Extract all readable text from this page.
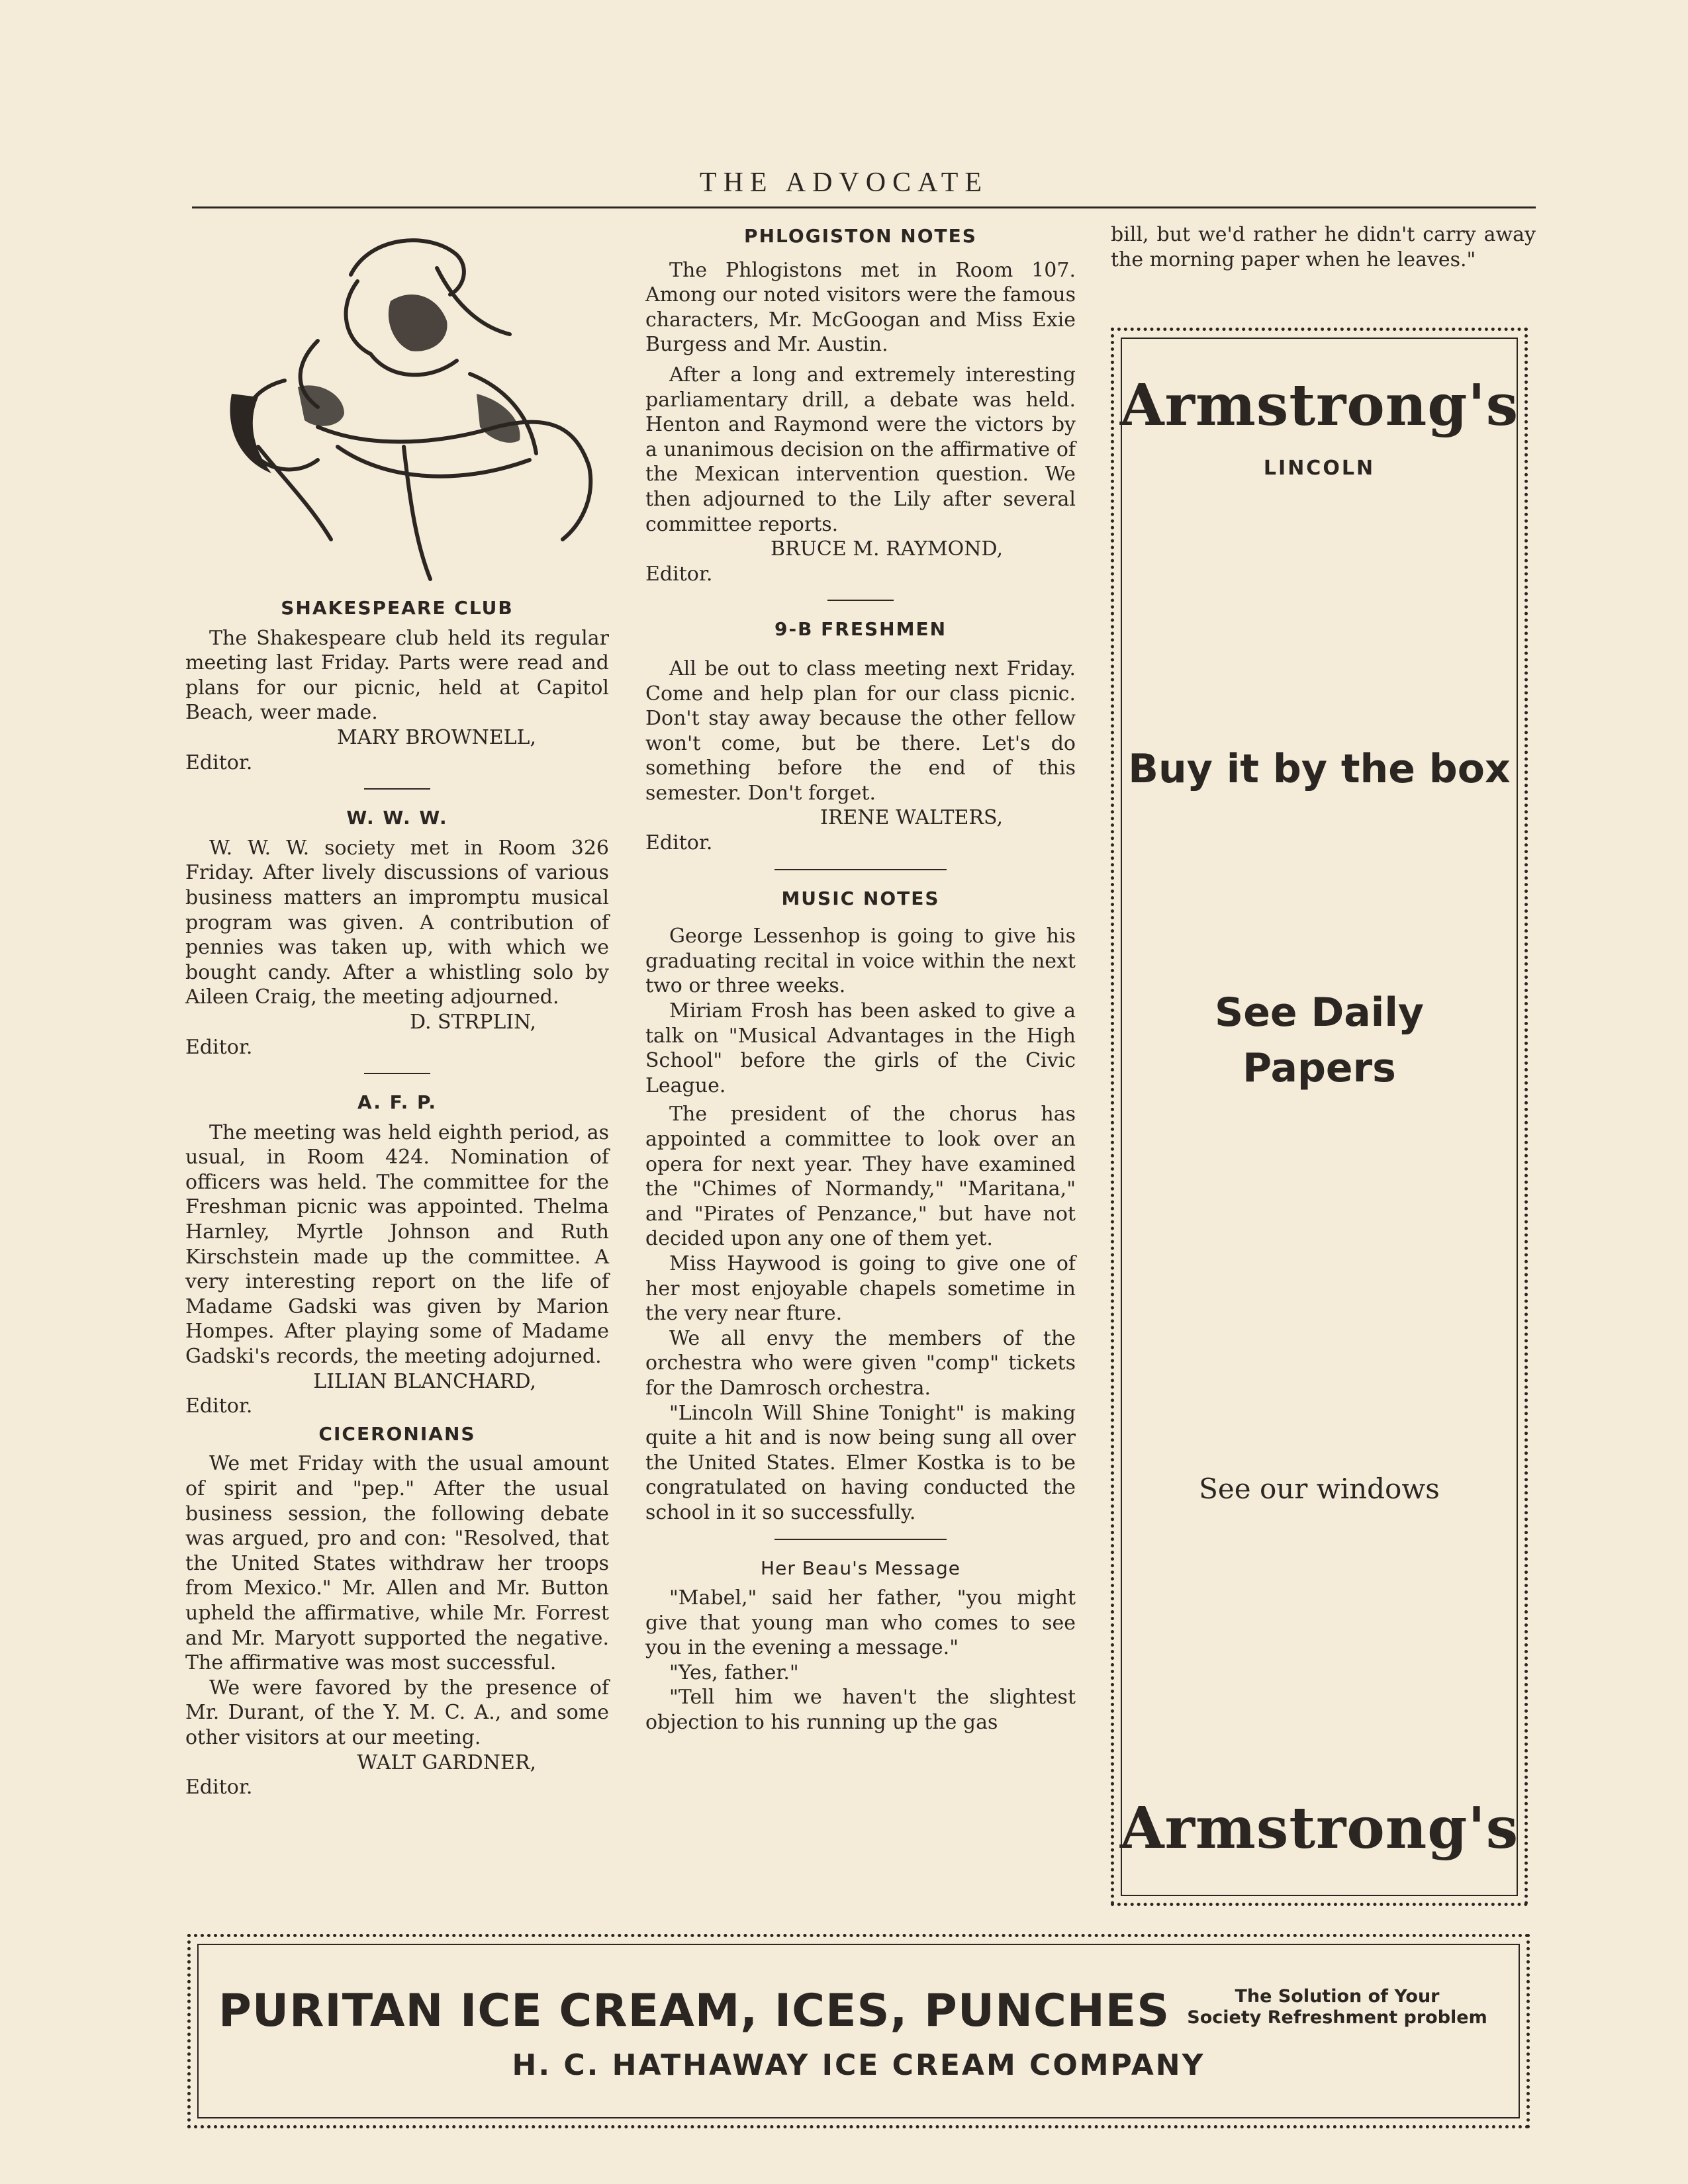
THE ADVOCATE
SHAKESPEARE CLUB

The Shakespeare club held its regular meeting last Friday. Parts were read and plans for our picnic, held at Capitol Beach, weer made.

MARY BROWNELL,

Editor.

W. W. W.

W. W. W. society met in Room 326 Friday. After lively discussions of various business matters an impromptu musical program was given. A contribution of pennies was taken up, with which we bought candy. After a whistling solo by Aileen Craig, the meeting adjourned.

D. STRPLIN,

Editor.

A. F. P.

The meeting was held eighth period, as usual, in Room 424. Nomination of officers was held. The committee for the Freshman picnic was appointed. Thelma Harnley, Myrtle Johnson and Ruth Kirschstein made up the committee. A very interesting report on the life of Madame Gadski was given by Marion Hompes. After playing some of Madame Gadski's records, the meeting adojurned.

LILIAN BLANCHARD,

Editor.

CICERONIANS

We met Friday with the usual amount of spirit and "pep." After the usual business session, the following debate was argued, pro and con: "Resolved, that the United States withdraw her troops from Mexico." Mr. Allen and Mr. Button upheld the affirmative, while Mr. Forrest and Mr. Maryott supported the negative. The affirmative was most successful.

We were favored by the presence of Mr. Durant, of the Y. M. C. A., and some other visitors at our meeting.

WALT GARDNER,

Editor.

PHLOGISTON NOTES

The Phlogistons met in Room 107. Among our noted visitors were the famous characters, Mr. McGoogan and Miss Exie Burgess and Mr. Austin.

After a long and extremely interesting parliamentary drill, a debate was held. Henton and Raymond were the victors by a unanimous decision on the affirmative of the Mexican intervention question. We then adjourned to the Lily after several committee reports.

BRUCE M. RAYMOND,

Editor.

9-B FRESHMEN

All be out to class meeting next Friday. Come and help plan for our class picnic. Don't stay away because the other fellow won't come, but be there. Let's do something before the end of this semester. Don't forget.

IRENE WALTERS,

Editor.

MUSIC NOTES

George Lessenhop is going to give his graduating recital in voice within the next two or three weeks.

Miriam Frosh has been asked to give a talk on "Musical Advantages in the High School" before the girls of the Civic League.

The president of the chorus has appointed a committee to look over an opera for next year. They have examined the "Chimes of Normandy," "Maritana," and "Pirates of Penzance," but have not decided upon any one of them yet.

Miss Haywood is going to give one of her most enjoyable chapels sometime in the very near fture.

We all envy the members of the orchestra who were given "comp" tickets for the Damrosch orchestra.

"Lincoln Will Shine Tonight" is making quite a hit and is now being sung all over the United States. Elmer Kostka is to be congratulated on having conducted the school in it so successfully.

Her Beau's Message

"Mabel," said her father, "you might give that young man who comes to see you in the evening a message."

"Yes, father."

"Tell him we haven't the slightest objection to his running up the gas

bill, but we'd rather he didn't carry away the morning paper when he leaves."

Armstrong's
LINCOLN
Buy it by the box
See Daily
Papers
See our windows
Armstrong's
PURITAN ICE CREAM, ICES, PUNCHES	The Solution of Your
Society Refreshment problem
H. C. HATHAWAY ICE CREAM COMPANY
